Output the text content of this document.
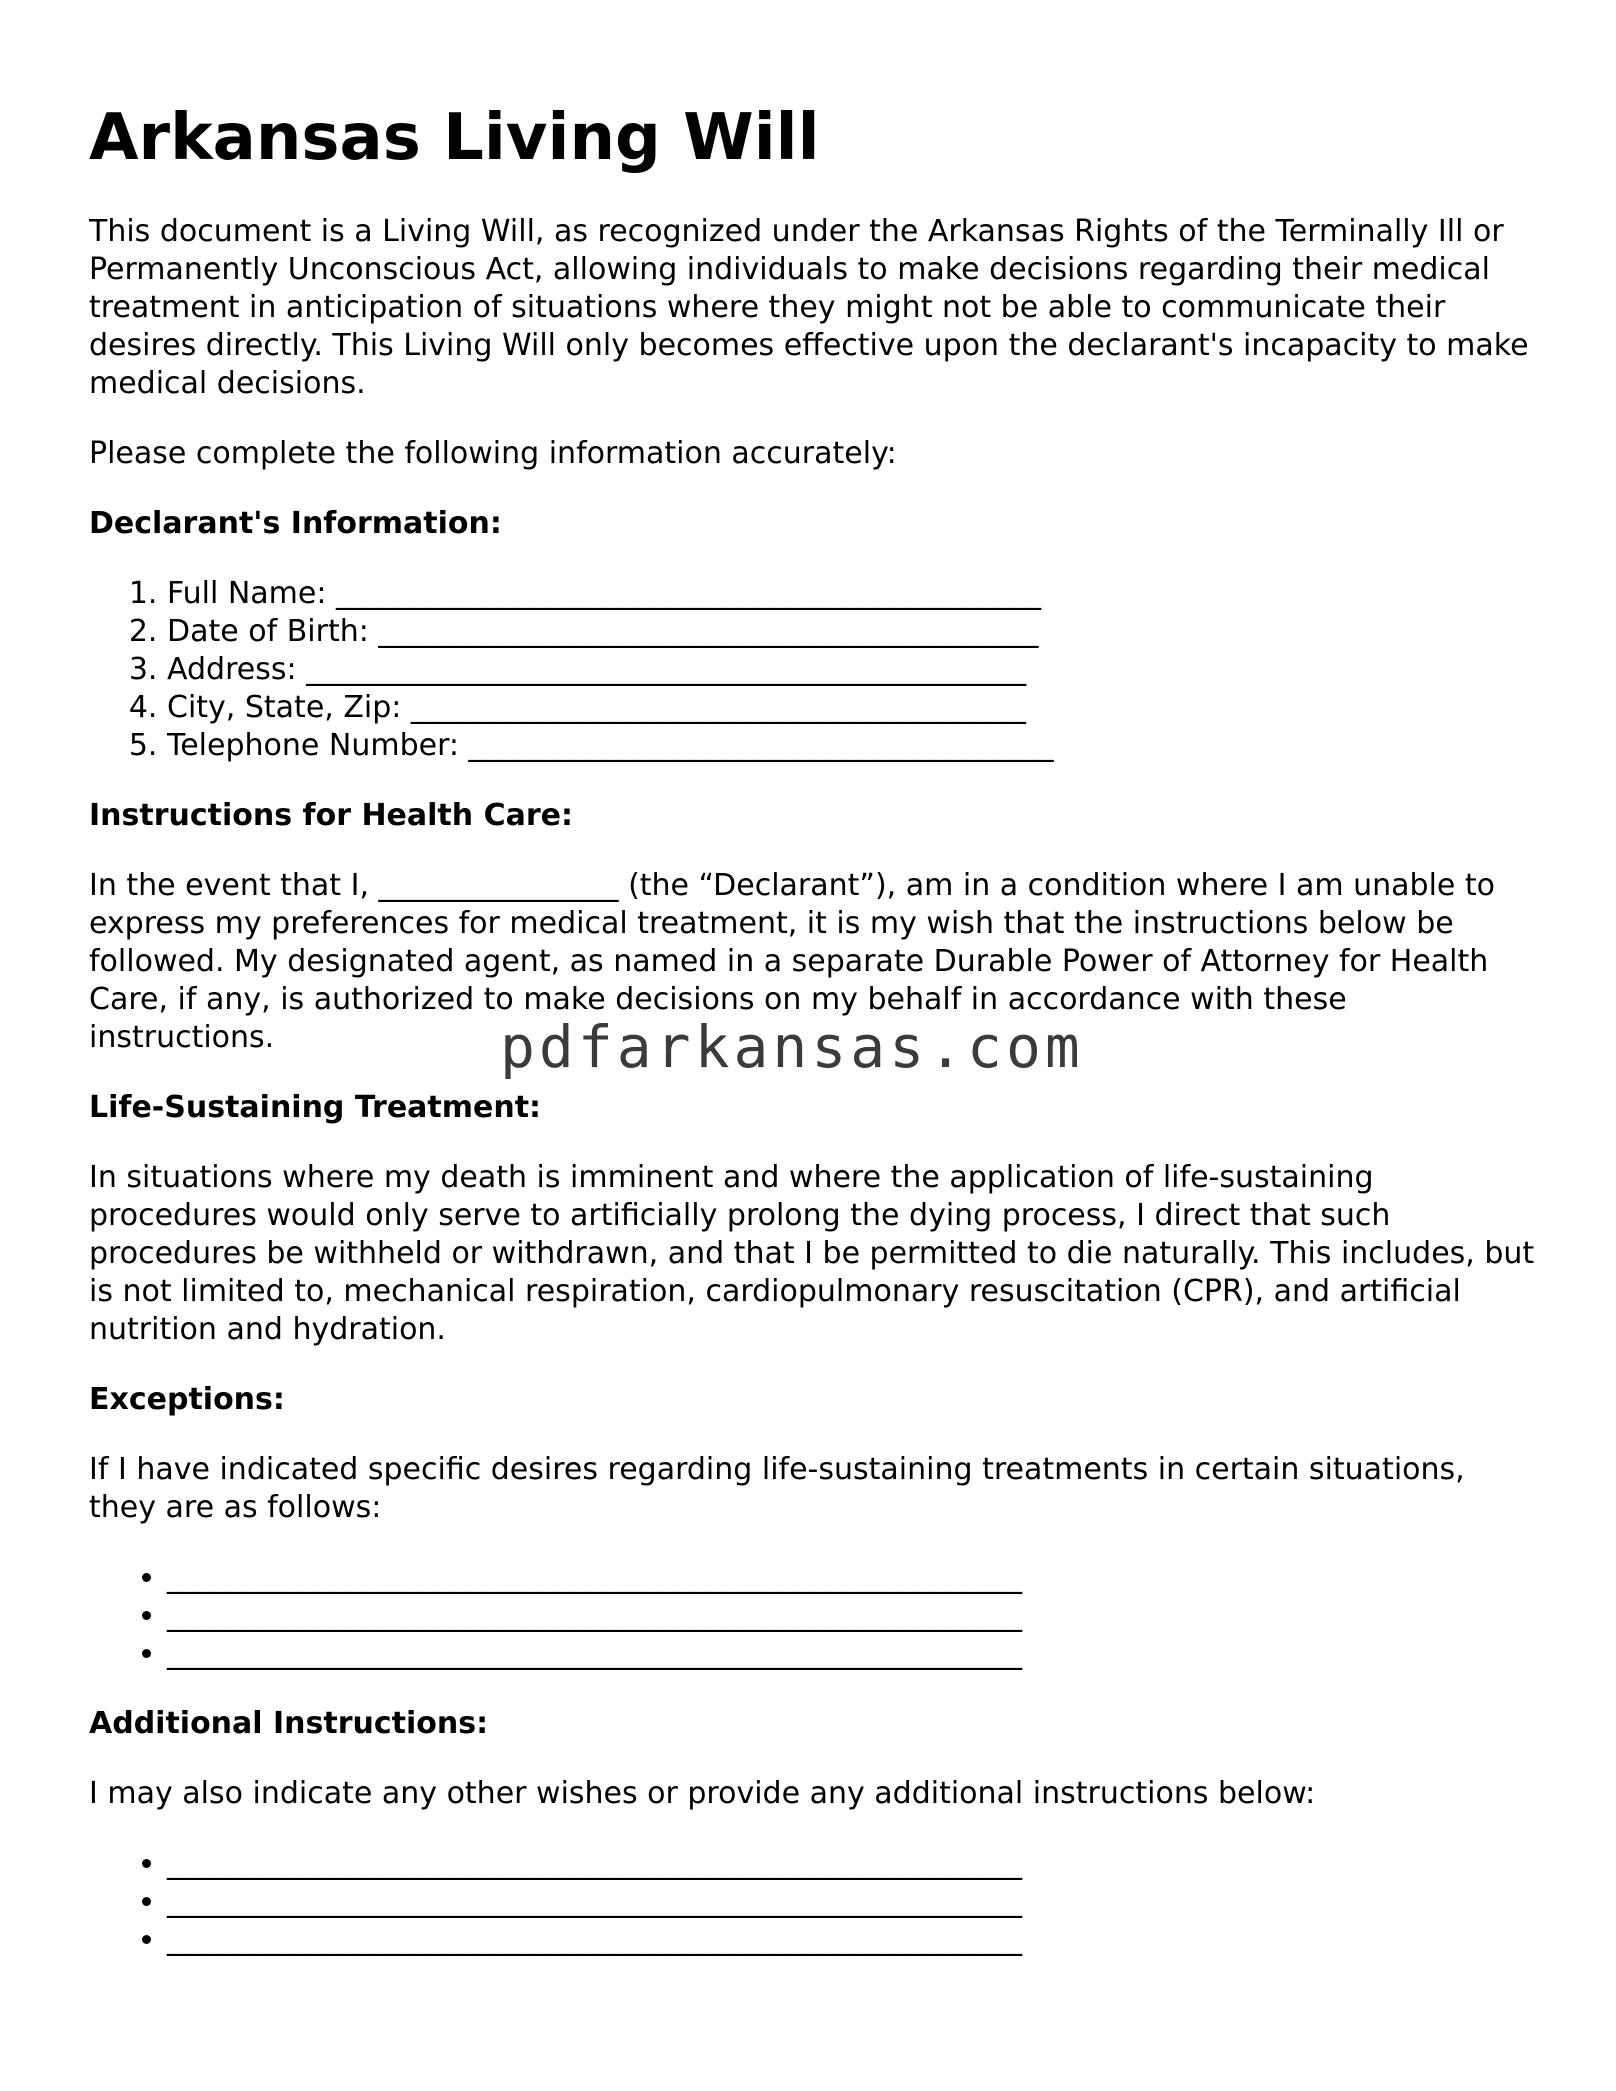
Arkansas Living Will

This document is a Living Will, as recognized under the Arkansas Rights of the Terminally Ill or Permanently Unconscious Act, allowing individuals to make decisions regarding their medical treatment in anticipation of situations where they might not be able to communicate their desires directly. This Living Will only becomes effective upon the declarant's incapacity to make medical decisions.

Please complete the following information accurately:

Declarant's Information:
1. Full Name: _______________________________________________
2. Date of Birth: ____________________________________________
3. Address: ________________________________________________
4. City, State, Zip: _________________________________________
5. Telephone Number: _______________________________________
Instructions for Health Care:

In the event that I, ________________ (the “Declarant”), am in a condition where I am unable to express my preferences for medical treatment, it is my wish that the instructions below be followed. My designated agent, as named in a separate Durable Power of Attorney for Health Care, if any, is authorized to make decisions on my behalf in accordance with these instructions.

Life-Sustaining Treatment:

In situations where my death is imminent and where the application of life-sustaining procedures would only serve to artificially prolong the dying process, I direct that such procedures be withheld or withdrawn, and that I be permitted to die naturally. This includes, but is not limited to, mechanical respiration, cardiopulmonary resuscitation (CPR), and artificial nutrition and hydration.

Exceptions:

If I have indicated specific desires regarding life-sustaining treatments in certain situations, they are as follows:

• _________________________________________________________
• _________________________________________________________
• _________________________________________________________
Additional Instructions:

I may also indicate any other wishes or provide any additional instructions below:

• _________________________________________________________
• _________________________________________________________
• _________________________________________________________
pdfarkansas.com
